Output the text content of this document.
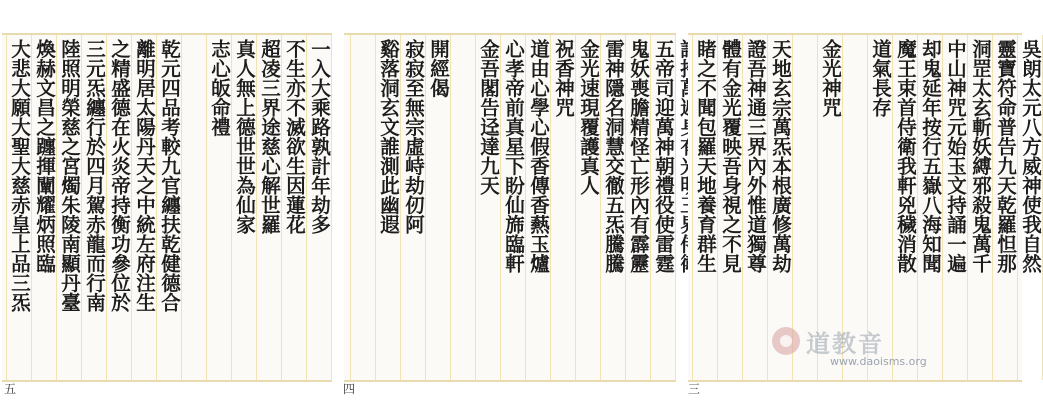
大悲大願大聖大慈赤皇上品三炁 煥赫文昌之躔揮闡耀炳照臨 陸照明榮慈之宮燭朱陵南顯丹臺 三元炁纏行於四月駕赤龍而行南 之精盛德在火炎帝持衡功參位於 離明居太陽丹天之中統左府注生 乾元四品考較九官纏扶乾健德合 志心皈命禮 真人無上德世世為仙家 超凌三界途慈心解世羅 不生亦不滅欲生因蓮花 一入大乘路孰計年劫多 谿落洞玄文誰測此幽遐 寂寂至無宗虛峙劫仞阿 開經偈 金吾閣告迳達九天 心孝帝前真星下盼仙旆臨軒 道由心學心假香傳香爇玉爐 祝香神咒 金光速現覆護真人 雷神隱名洞慧交徹五炁騰騰 鬼妖喪膽精怪亡形內有霹靂 五帝司迎萬神朝禮役使雷霆 睹之不聞包羅天地養育群生 體有金光覆映吾身視之不見 證吾神通三界內外惟道獨尊 天地玄宗萬炁本根廣修萬劫 金光神咒 道氣長存 魔王束首侍衛我軒兇穢消散 却鬼延年按行五嶽八海知聞 中山神咒元始玉文持誦一遍 洞罡太玄斬妖縛邪殺鬼萬千 靈寶符命普告九天乾羅怛那 吳朗太元八方威神使我自然
五	四	三
道教音
www.daoisms.org
